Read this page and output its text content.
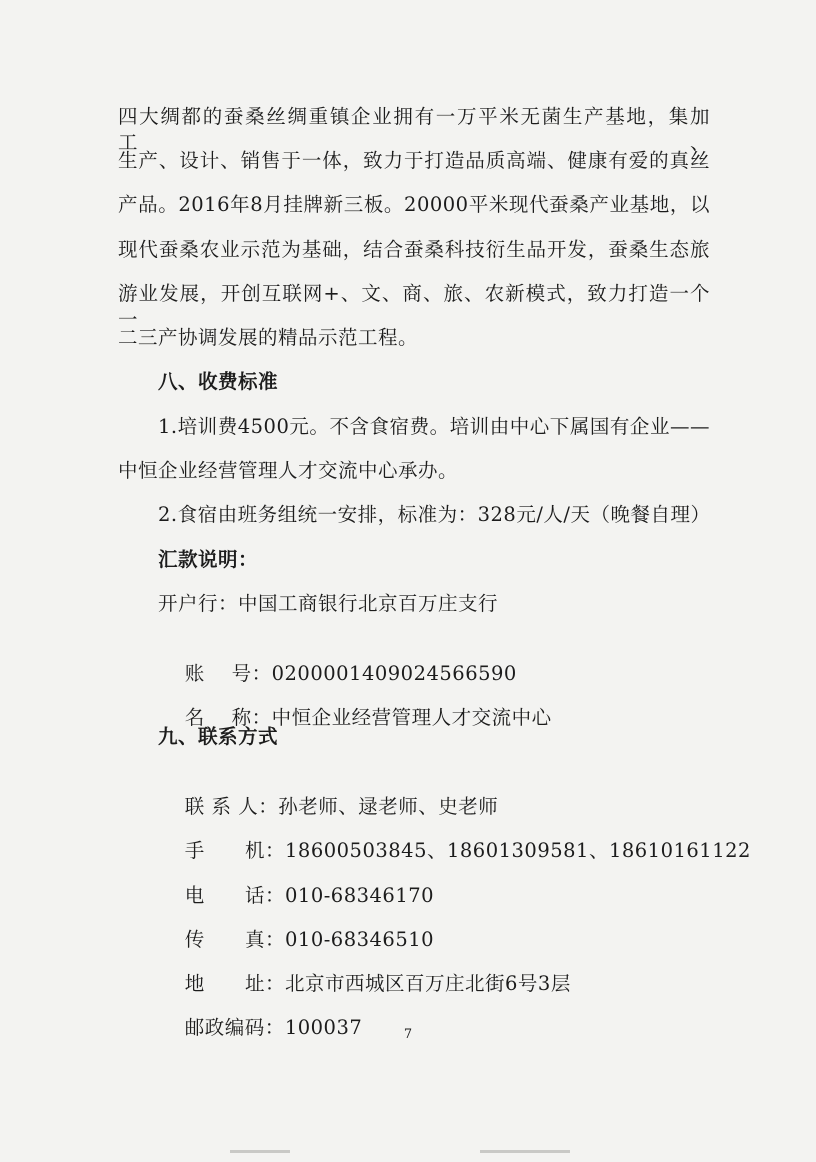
四大绸都的蚕桑丝绸重镇企业拥有一万平米无菌生产基地，集加工、
生产、设计、销售于一体，致力于打造品质高端、健康有爱的真丝
产品。2016年8月挂牌新三板。20000平米现代蚕桑产业基地，以
现代蚕桑农业示范为基础，结合蚕桑科技衍生品开发，蚕桑生态旅
游业发展，开创互联网+、文、商、旅、农新模式，致力打造一个一
二三产协调发展的精品示范工程。
八、收费标准
1.培训费4500元。不含食宿费。培训由中心下属国有企业——
中恒企业经营管理人才交流中心承办。
2.食宿由班务组统一安排，标准为：328元/人/天（晚餐自理）
汇款说明：
开户行：中国工商银行北京百万庄支行

账    号：0200001409024566590

名    称：中恒企业经营管理人才交流中心

九、联系方式

联 系 人：孙老师、逯老师、史老师

手      机：18600503845、18601309581、18610161122

电      话：010-68346170

传      真：010-68346510

地      址：北京市西城区百万庄北街6号3层

邮政编码：100037
	7
